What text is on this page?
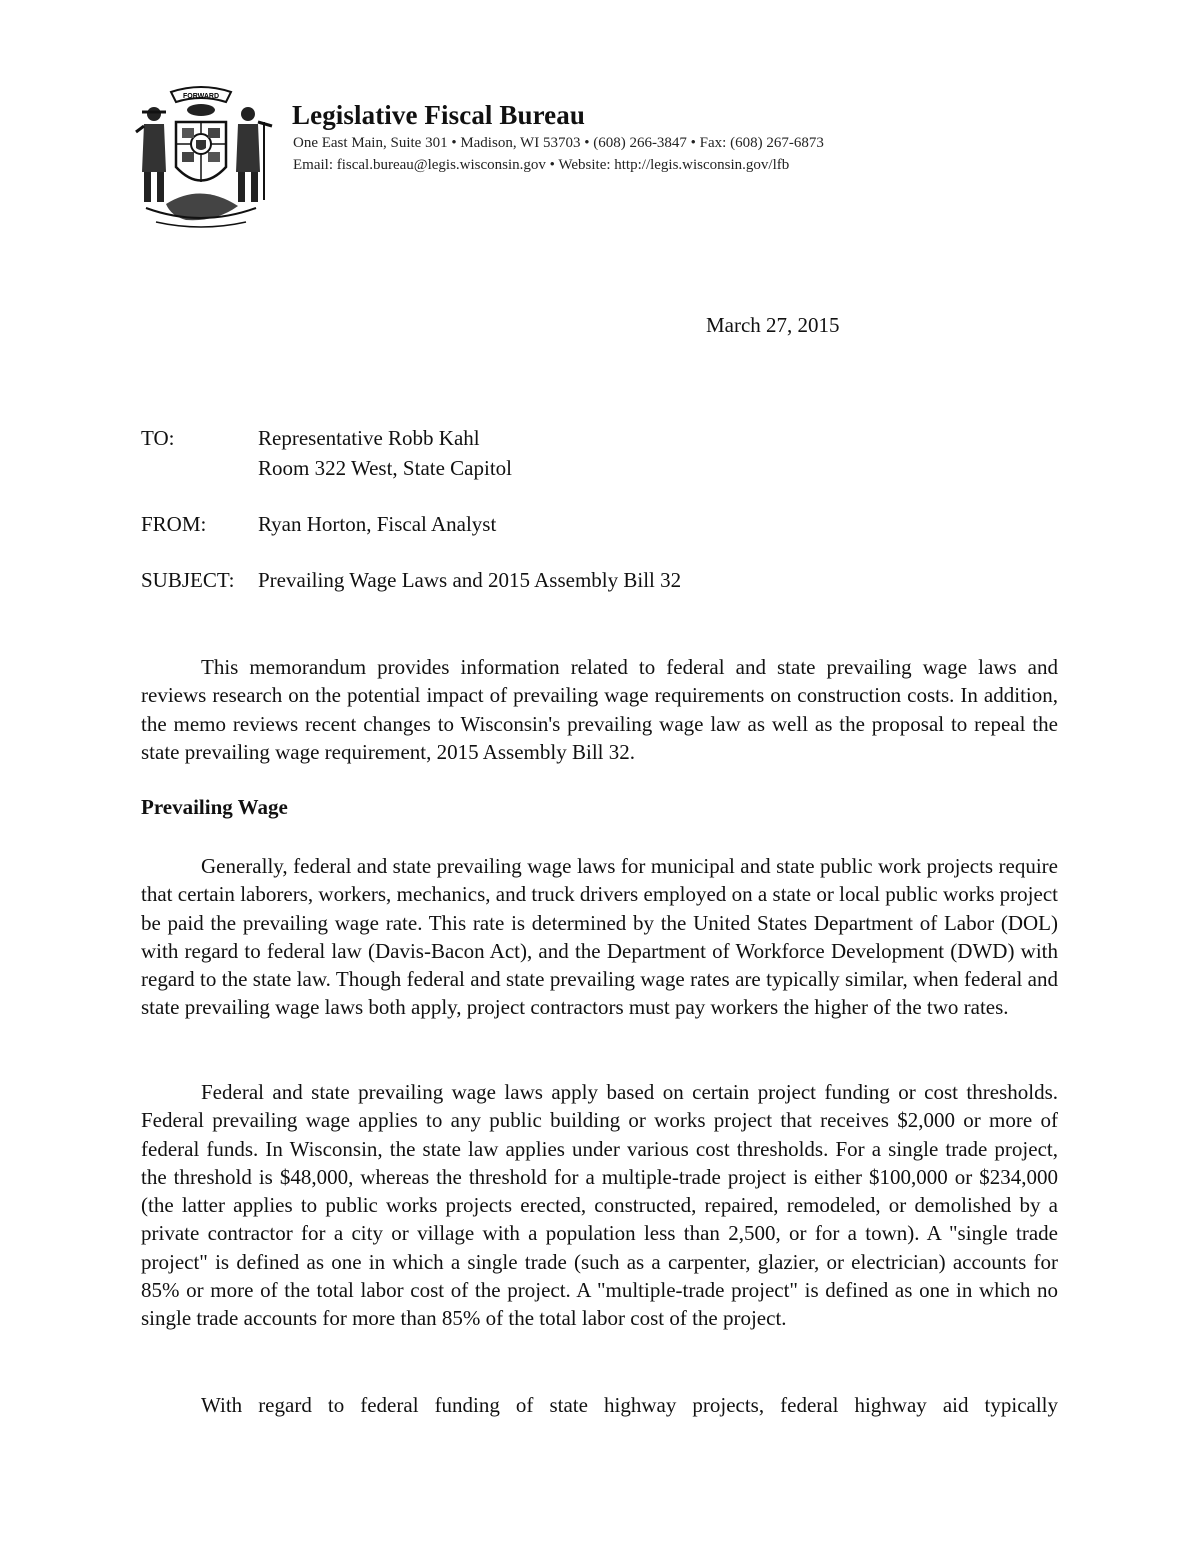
FORWARD
Legislative Fiscal Bureau
One East Main, Suite 301 • Madison, WI 53703 • (608) 266-3847 • Fax: (608) 267-6873
Email: fiscal.bureau@legis.wisconsin.gov • Website: http://legis.wisconsin.gov/lfb
March 27, 2015
TO:	Representative Robb Kahl
Room 322 West, State Capitol
FROM: Ryan Horton, Fiscal Analyst
SUBJECT: Prevailing Wage Laws and 2015 Assembly Bill 32

This memorandum provides information related to federal and state prevailing wage laws and reviews research on the potential impact of prevailing wage requirements on construction costs. In addition, the memo reviews recent changes to Wisconsin's prevailing wage law as well as the proposal to repeal the state prevailing wage requirement, 2015 Assembly Bill 32.

Prevailing Wage

Generally, federal and state prevailing wage laws for municipal and state public work projects require that certain laborers, workers, mechanics, and truck drivers employed on a state or local public works project be paid the prevailing wage rate. This rate is determined by the United States Department of Labor (DOL) with regard to federal law (Davis-Bacon Act), and the Department of Workforce Development (DWD) with regard to the state law. Though federal and state prevailing wage rates are typically similar, when federal and state prevailing wage laws both apply, project contractors must pay workers the higher of the two rates.

Federal and state prevailing wage laws apply based on certain project funding or cost thresholds. Federal prevailing wage applies to any public building or works project that receives $2,000 or more of federal funds. In Wisconsin, the state law applies under various cost thresholds. For a single trade project, the threshold is $48,000, whereas the threshold for a multiple-trade project is either $100,000 or $234,000 (the latter applies to public works projects erected, constructed, repaired, remodeled, or demolished by a private contractor for a city or village with a population less than 2,500, or for a town). A "single trade project" is defined as one in which a single trade (such as a carpenter, glazier, or electrician) accounts for 85% or more of the total labor cost of the project. A "multiple-trade project" is defined as one in which no single trade accounts for more than 85% of the total labor cost of the project.

With regard to federal funding of state highway projects, federal highway aid typically
